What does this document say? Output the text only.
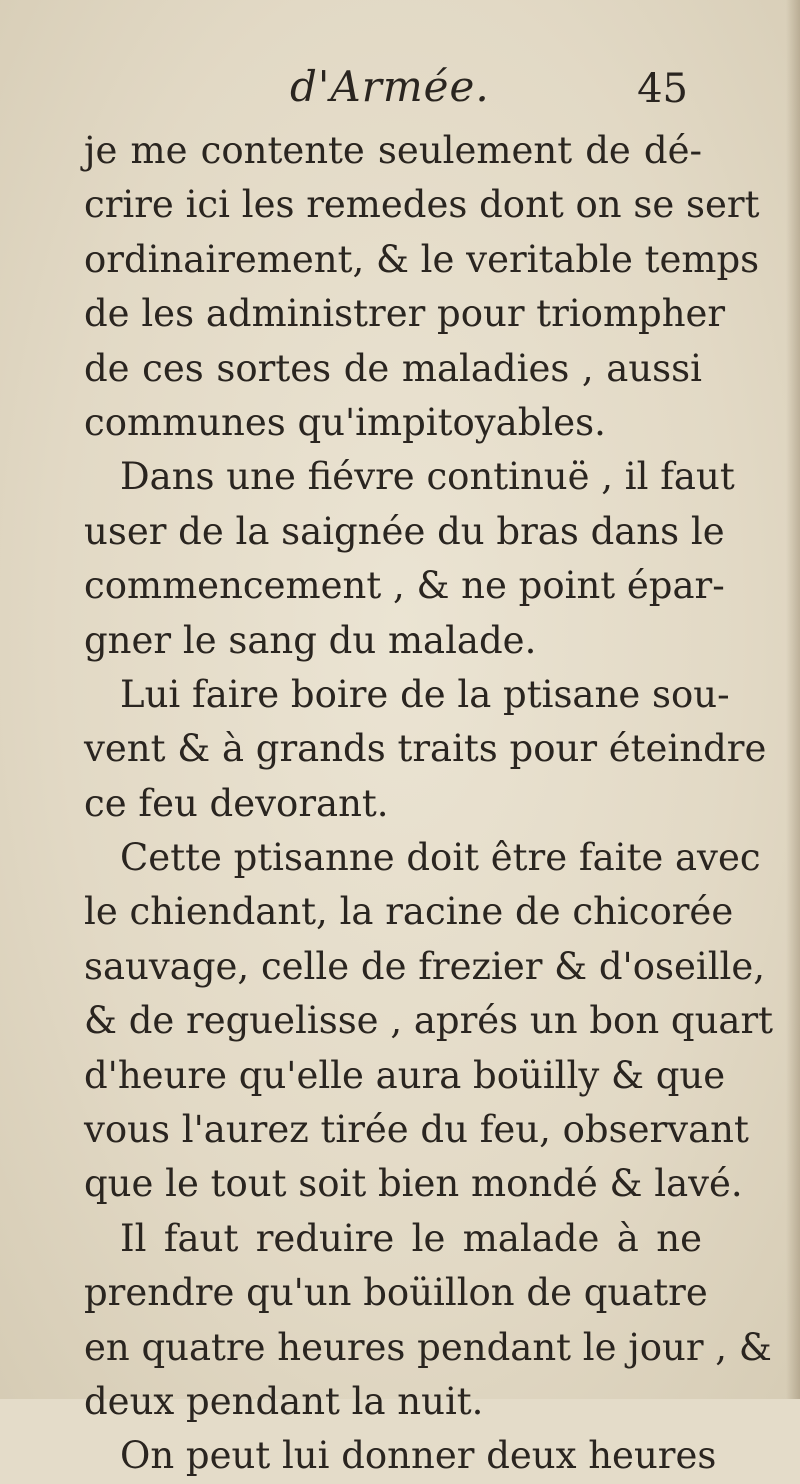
d'Armée.	45
je me contente seulement de dé-
crire ici les remedes dont on se sert
ordinairement, & le veritable temps
de les administrer pour triompher
de ces sortes de maladies , aussi
communes qu'impitoyables.
Dans une fiévre continuë , il faut
user de la saignée du bras dans le
commencement , & ne point épar-
gner le sang du malade.
Lui faire boire de la ptisane sou-
vent & à grands traits pour éteindre
ce feu devorant.
Cette ptisanne doit être faite avec
le chiendant, la racine de chicorée
sauvage, celle de frezier & d'oseille,
& de reguelisse , aprés un bon quart
d'heure qu'elle aura boüilly & que
vous l'aurez tirée du feu, observant
que le tout soit bien mondé & lavé.
Il faut reduire le malade à ne
prendre qu'un boüillon de quatre
en quatre heures pendant le jour , &
deux pendant la nuit.
On peut lui donner deux heures
